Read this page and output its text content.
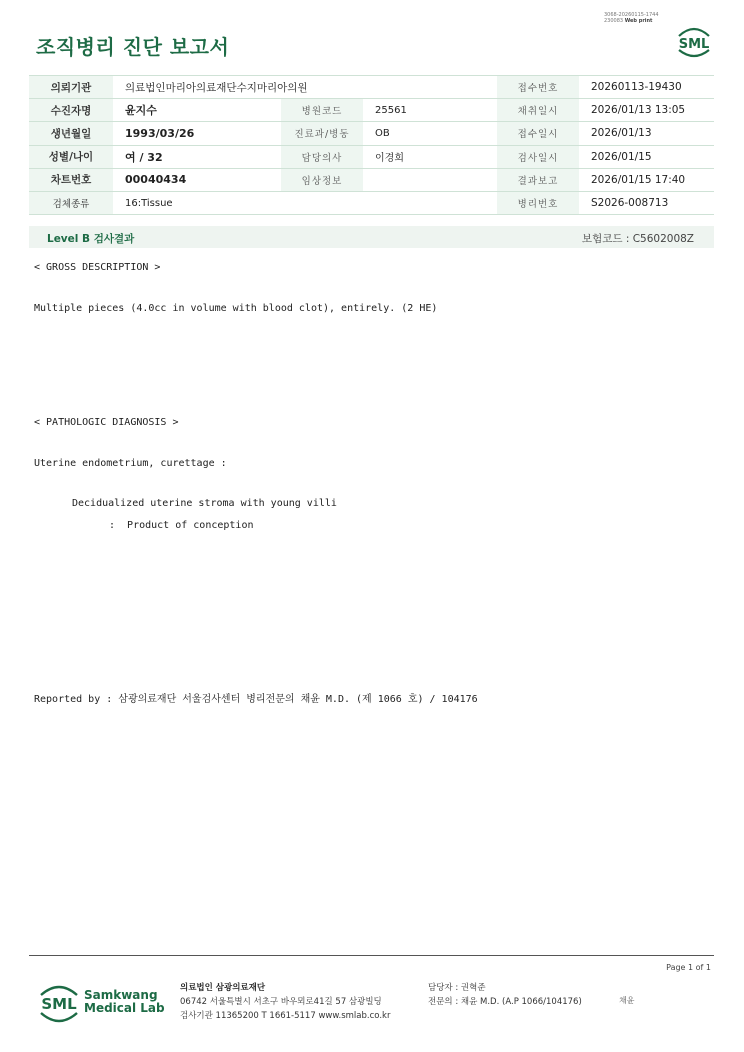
3068-20260115-1744
230083 Web print
조직병리 진단 보고서	SML
의뢰기관	의료법인마리아의료재단수지마리아의원			접수번호	20260113-19430
수진자명	윤지수	병원코드	25561	채취일시	2026/01/13 13:05
생년월일	1993/03/26	진료과/병동	OB	접수일시	2026/01/13
성별/나이	여 / 32	담당의사	이경희	검사일시	2026/01/15
차트번호	00040434	임상정보		결과보고	2026/01/15 17:40
검체종류	16:Tissue			병리번호	S2026-008713
Level B 검사결과	보험코드 : C5602008Z
< GROSS DESCRIPTION >
Multiple pieces (4.0cc in volume with blood clot), entirely. (2 HE)
< PATHOLOGIC DIAGNOSIS >
Uterine endometrium, curettage :
Decidualized uterine stroma with young villi
:  Product of conception
Reported by : 삼광의료재단 서울검사센터 병리전문의 채윤 M.D. (제 1066 호) / 104176
Page 1 of 1
SML Samkwang
Medical Lab
의료법인 삼광의료재단
06742 서울특별시 서초구 바우뫼로41길 57 삼광빌딩
검사기관 11365200 T 1661-5117 www.smlab.co.kr
담당자 : 권혁준
전문의 : 채윤 M.D. (A.P 1066/104176)	채윤
